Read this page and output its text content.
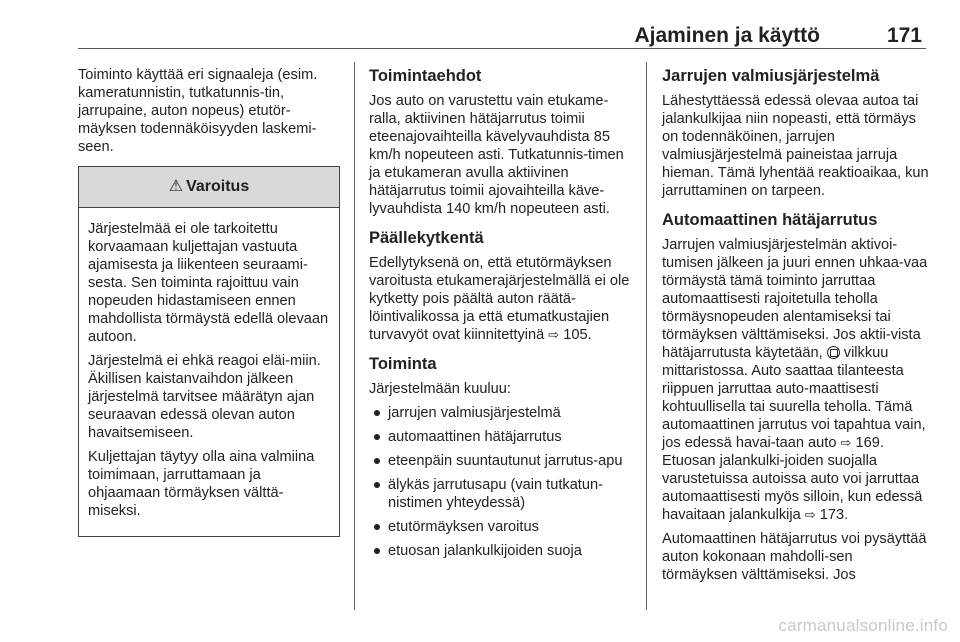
Ajaminen ja käyttö	171

Toiminto käyttää eri signaaleja (esim. kameratunnistin, tutkatunnis-tin, jarrupaine, auton nopeus) etutör-mäyksen todennäköisyyden laskemi-seen.

⚠ Varoitus

Järjestelmää ei ole tarkoitettu korvaamaan kuljettajan vastuuta ajamisesta ja liikenteen seuraami-sesta. Sen toiminta rajoittuu vain nopeuden hidastamiseen ennen mahdollista törmäystä edellä olevaan autoon.

Järjestelmä ei ehkä reagoi eläi-miin. Äkillisen kaistanvaihdon jälkeen järjestelmä tarvitsee määrätyn ajan seuraavan edessä olevan auton havaitsemiseen.

Kuljettajan täytyy olla aina valmiina toimimaan, jarruttamaan ja ohjaamaan törmäyksen välttä-miseksi.

Toimintaehdot

Jos auto on varustettu vain etukame-ralla, aktiivinen hätäjarrutus toimii eteenajovaihteilla kävelyvauhdista 85 km/h nopeuteen asti. Tutkatunnis-timen ja etukameran avulla aktiivinen hätäjarrutus toimii ajovaihteilla käve-lyvauhdista 140 km/h nopeuteen asti.

Päällekytkentä

Edellytyksenä on, että etutörmäyksen varoitusta etukamerajärjestelmällä ei ole kytketty pois päältä auton räätä-löintivalikossa ja että etumatkustajien turvavyöt ovat kiinnitettyinä ⇨ 105.

Toiminta

Järjestelmään kuuluu:

jarrujen valmiusjärjestelmä
automaattinen hätäjarrutus
eteenpäin suuntautunut jarrutus-apu
älykäs jarrutusapu (vain tutkatun-nistimen yhteydessä)
etutörmäyksen varoitus
etuosan jalankulkijoiden suoja
Jarrujen valmiusjärjestelmä

Lähestyttäessä edessä olevaa autoa tai jalankulkijaa niin nopeasti, että törmäys on todennäköinen, jarrujen valmiusjärjestelmä paineistaa jarruja hieman. Tämä lyhentää reaktioaikaa, kun jarruttaminen on tarpeen.

Automaattinen hätäjarrutus

Jarrujen valmiusjärjestelmän aktivoi-tumisen jälkeen ja juuri ennen uhkaa-vaa törmäystä tämä toiminto jarruttaa automaattisesti rajoitetulla teholla törmäysnopeuden alentamiseksi tai törmäyksen välttämiseksi. Jos aktii-vista hätäjarrutusta käytetään, vilkkuu mittaristossa. Auto saattaa tilanteesta riippuen jarruttaa auto-maattisesti kohtuullisella tai suurella teholla. Tämä automaattinen jarrutus voi tapahtua vain, jos edessä havai-taan auto ⇨ 169. Etuosan jalankulki-joiden suojalla varustetuissa autoissa auto voi jarruttaa automaattisesti myös silloin, kun edessä havaitaan jalankulkija ⇨ 173.

Automaattinen hätäjarrutus voi pysäyttää auton kokonaan mahdolli-sen törmäyksen välttämiseksi. Jos

carmanualsonline.info
